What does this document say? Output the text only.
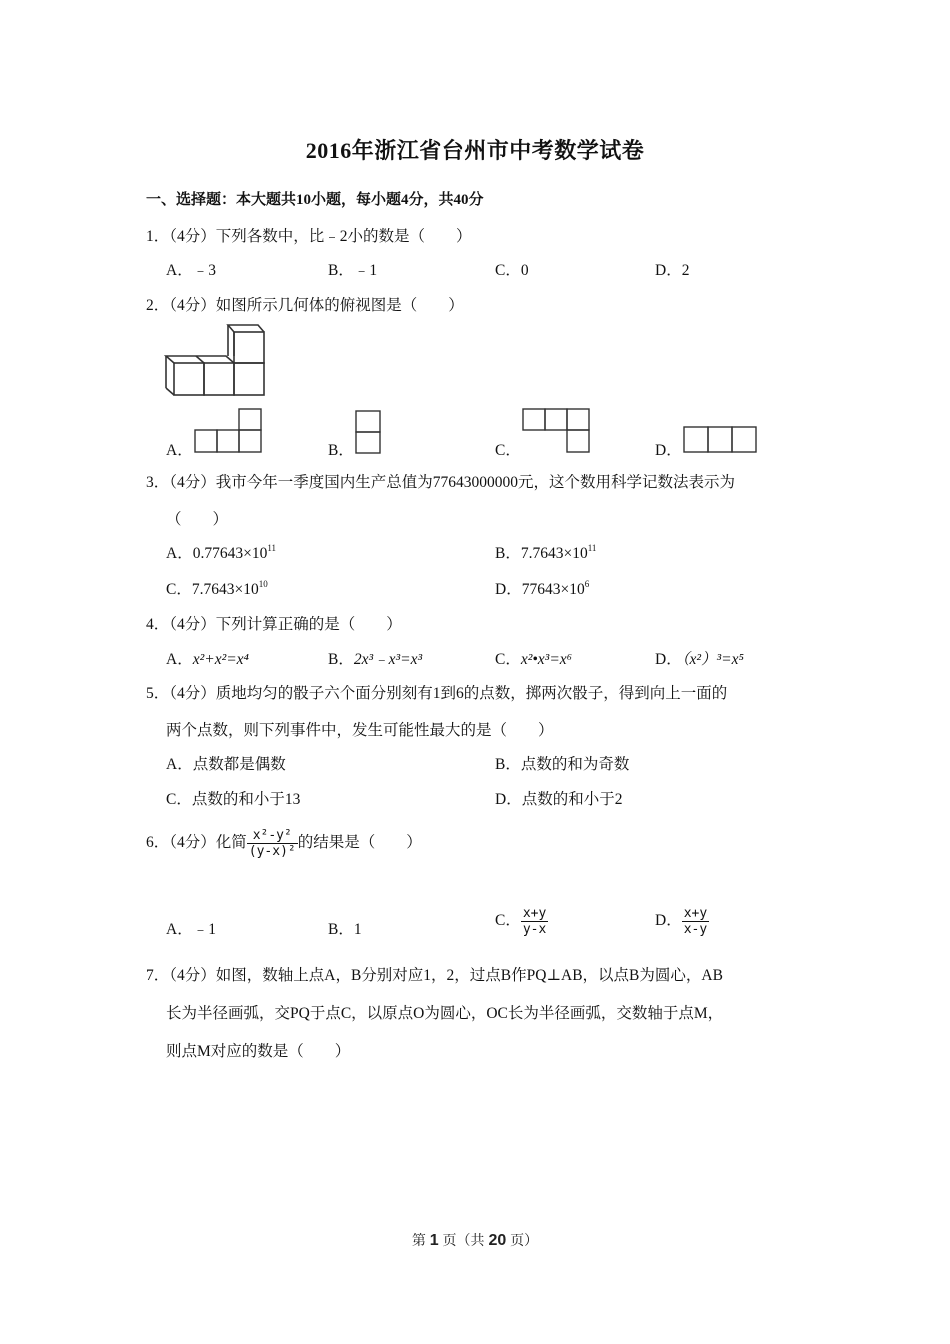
2016年浙江省台州市中考数学试卷
一、选择题：本大题共10小题，每小题4分，共40分
1．（4分）下列各数中，比﹣2小的数是（　　）
A．﹣3	B．﹣1	C．0	D．2
2．（4分）如图所示几何体的俯视图是（　　）
A．	B．	C．	D．
3．（4分）我市今年一季度国内生产总值为77643000000元，这个数用科学记数法表示为
（　　）
A．$0.77643\times 10^{11}$	B．$7.7643\times 10^{11}$
C．$7.7643\times 10^{10}$	D．$77643\times 10^6$
4．（4分）下列计算正确的是（　　）
A．x²+x²=x⁴	B．2x³﹣x³=x³	C．x²•x³=x⁶	D．（x²）³=x⁵
5．（4分）质地均匀的骰子六个面分别刻有1到6的点数，掷两次骰子，得到向上一面的
两个点数，则下列事件中，发生可能性最大的是（　　）
A．点数都是偶数	B．点数的和为奇数
C．点数的和小于13	D．点数的和小于2
6．（4分）化简 $\frac{\text{x²-y²}}{\text{(y-x)²}}$ 的结果是（　　）
A．﹣1	B．1
C． $\frac{x+y}{y-x}$	D． $\frac{x+y}{x-y}$
7．（4分）如图，数轴上点A，B分别对应1，2，过点B作PQ⊥AB，以点B为圆心，AB
长为半径画弧，交PQ于点C，以原点O为圆心，OC长为半径画弧，交数轴于点M，
则点M对应的数是（　　）
第 1 页（共 20 页）
